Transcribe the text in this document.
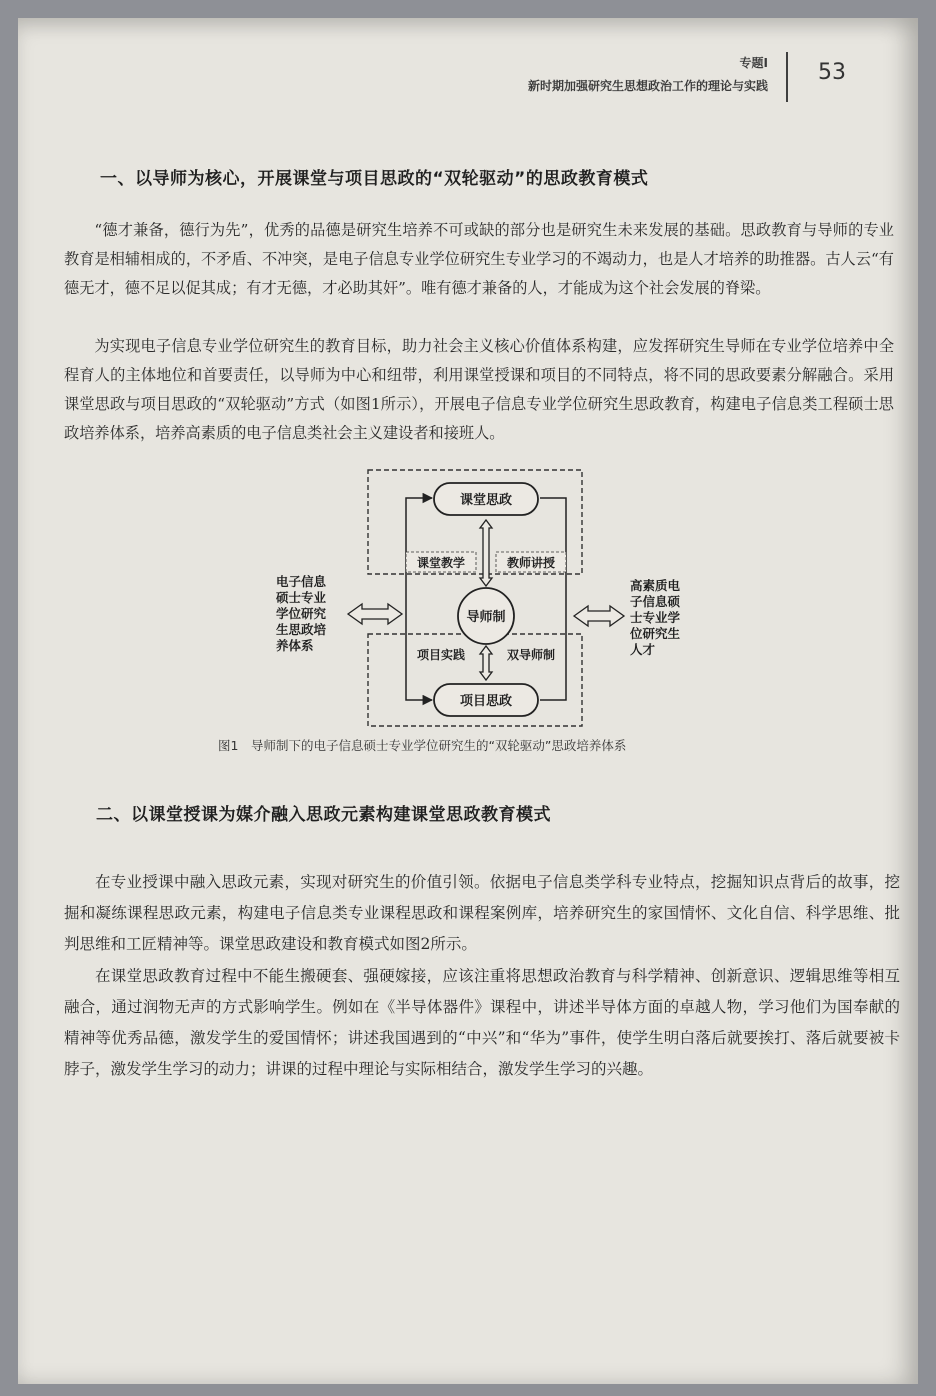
专题Ⅰ
新时期加强研究生思想政治工作的理论与实践
53
一、以导师为核心，开展课堂与项目思政的“双轮驱动”的思政教育模式

“德才兼备，德行为先”，优秀的品德是研究生培养不可或缺的部分也是研究生未来发展的基础。思政教育与导师的专业教育是相辅相成的，不矛盾、不冲突，是电子信息专业学位研究生专业学习的不竭动力，也是人才培养的助推器。古人云“有德无才，德不足以促其成；有才无德，才必助其奸”。唯有德才兼备的人，才能成为这个社会发展的脊梁。

为实现电子信息专业学位研究生的教育目标，助力社会主义核心价值体系构建，应发挥研究生导师在专业学位培养中全程育人的主体地位和首要责任，以导师为中心和纽带，利用课堂授课和项目的不同特点，将不同的思政要素分解融合。采用课堂思政与项目思政的“双轮驱动”方式（如图1所示），开展电子信息专业学位研究生思政教育，构建电子信息类工程硕士思政培养体系，培养高素质的电子信息类社会主义建设者和接班人。

课堂思政
项目思政
导师制
课堂教学	教师讲授
项目实践	双导师制
电子信息
硕士专业
学位研究
生思政培
养体系
高素质电
子信息硕
士专业学
位研究生
人才
图1　导师制下的电子信息硕士专业学位研究生的“双轮驱动”思政培养体系
二、以课堂授课为媒介融入思政元素构建课堂思政教育模式

在专业授课中融入思政元素，实现对研究生的价值引领。依据电子信息类学科专业特点，挖掘知识点背后的故事，挖掘和凝练课程思政元素，构建电子信息类专业课程思政和课程案例库，培养研究生的家国情怀、文化自信、科学思维、批判思维和工匠精神等。课堂思政建设和教育模式如图2所示。

在课堂思政教育过程中不能生搬硬套、强硬嫁接，应该注重将思想政治教育与科学精神、创新意识、逻辑思维等相互融合，通过润物无声的方式影响学生。例如在《半导体器件》课程中，讲述半导体方面的卓越人物，学习他们为国奉献的精神等优秀品德，激发学生的爱国情怀；讲述我国遇到的“中兴”和“华为”事件，使学生明白落后就要挨打、落后就要被卡脖子，激发学生学习的动力；讲课的过程中理论与实际相结合，激发学生学习的兴趣。
